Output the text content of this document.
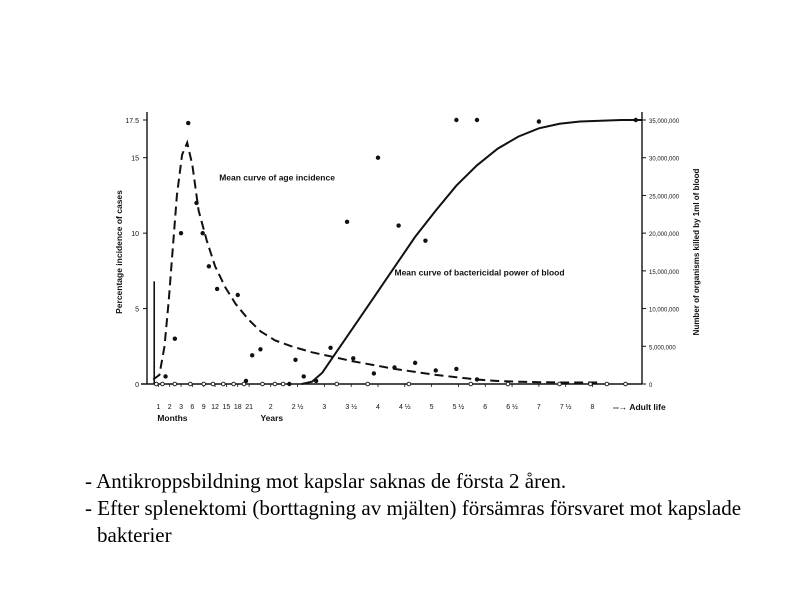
0
5
10
15
17.5
0
5,000,000
10,000,000
15,000,000
20,000,000
25,000,000
30,000,000
35,000,000
Percentage incidence of cases	Number of organisms killed by 1ml of blood
1 2 3 6 9 12 15 18 21
Months
2	2 ½	3	3 ½	4	4 ½	5	5 ½	6	6 ½	7	7 ½	8
Years
--→ Adult life
Mean curve of age incidence
Mean curve of bactericidal power of blood

- Antikroppsbildning mot kapslar saknas de första 2 åren.

- Efter splenektomi (borttagning av mjälten) försämras försvaret mot kapslade bakterier
